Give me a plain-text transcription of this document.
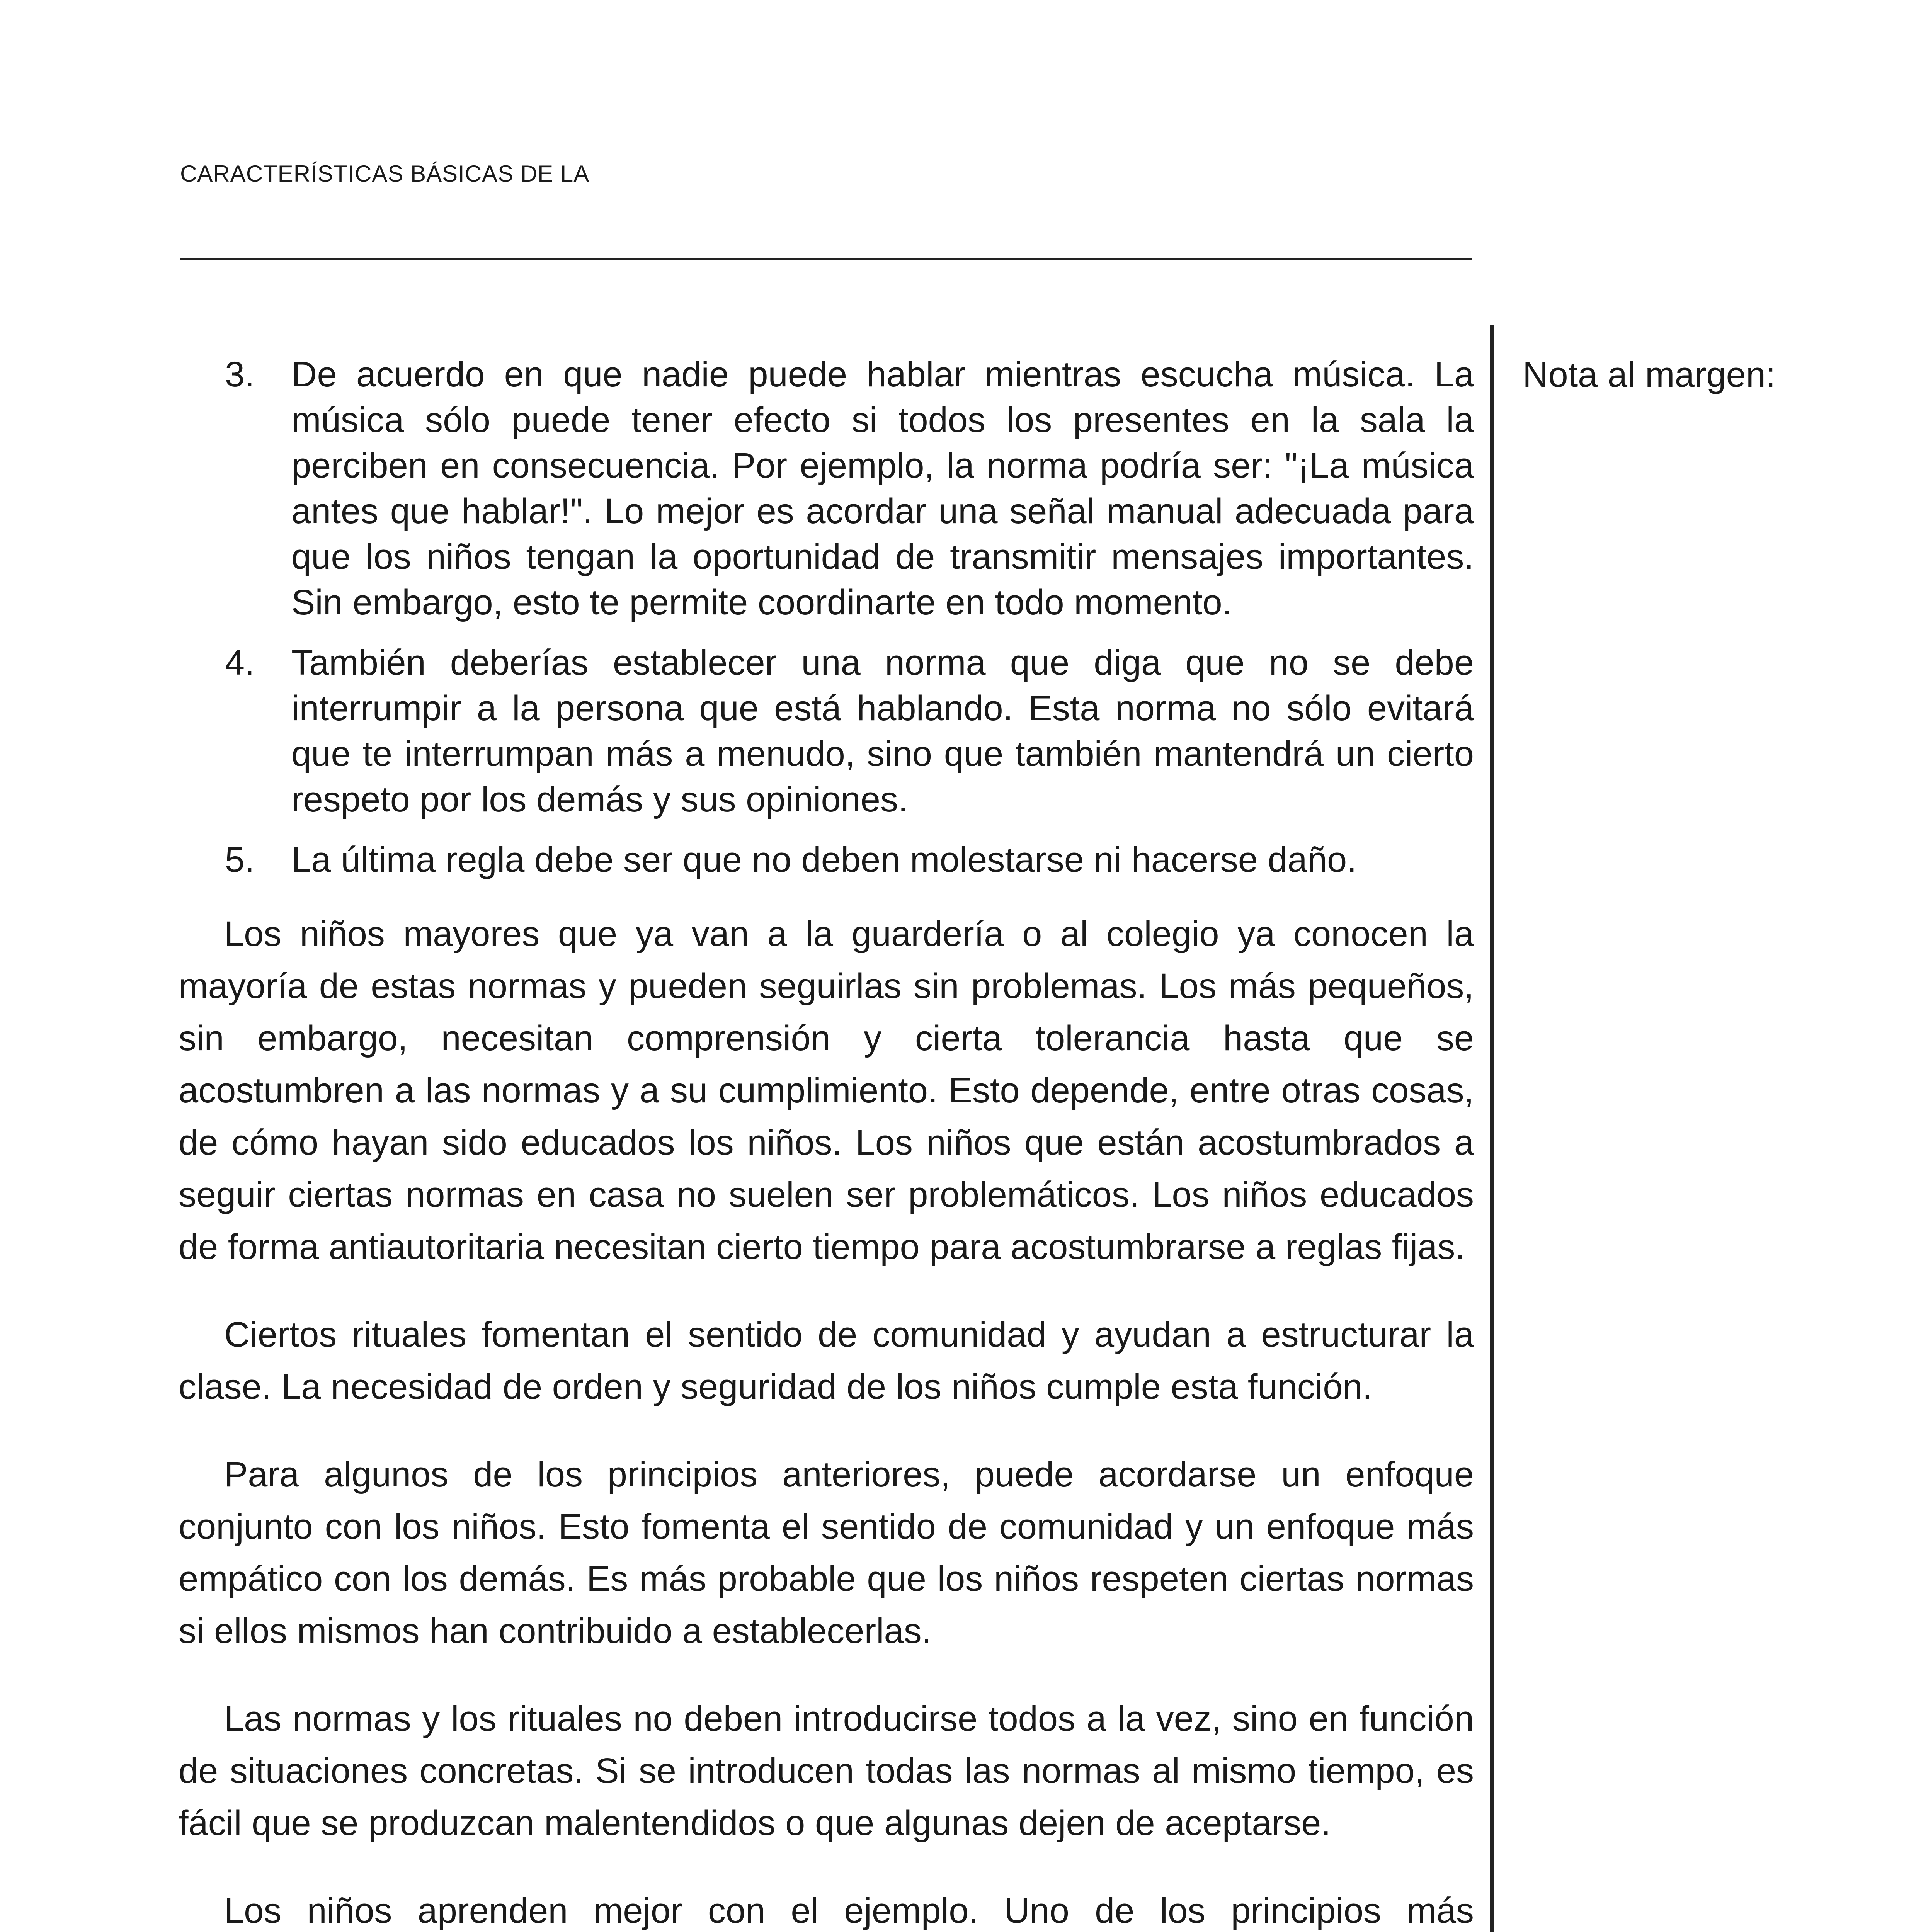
CARACTERÍSTICAS BÁSICAS DE LA
Nota al margen:
3. De acuerdo en que nadie puede hablar mientras escucha música. La música sólo puede tener efecto si todos los presentes en la sala la perciben en consecuencia. Por ejemplo, la norma podría ser: "¡La música antes que hablar!". Lo mejor es acordar una señal manual adecuada para que los niños tengan la oportunidad de transmitir mensajes importantes. Sin embargo, esto te permite coordinarte en todo momento.
4. También deberías establecer una norma que diga que no se debe interrumpir a la persona que está hablando. Esta norma no sólo evitará que te interrumpan más a menudo, sino que también mantendrá un cierto respeto por los demás y sus opiniones.
5. La última regla debe ser que no deben molestarse ni hacerse daño.

Los niños mayores que ya van a la guardería o al colegio ya conocen la mayoría de estas normas y pueden seguirlas sin problemas. Los más pequeños, sin embargo, necesitan comprensión y cierta tolerancia hasta que se acostumbren a las normas y a su cumplimiento. Esto depende, entre otras cosas, de cómo hayan sido educados los niños. Los niños que están acostumbrados a seguir ciertas normas en casa no suelen ser problemáticos. Los niños educados de forma antiautoritaria necesitan cierto tiempo para acostumbrarse a reglas fijas.

Ciertos rituales fomentan el sentido de comunidad y ayudan a estructurar la clase. La necesidad de orden y seguridad de los niños cumple esta función.

Para algunos de los principios anteriores, puede acordarse un enfoque conjunto con los niños. Esto fomenta el sentido de comunidad y un enfoque más empático con los demás. Es más probable que los niños respeten ciertas normas si ellos mismos han contribuido a establecerlas.

Las normas y los rituales no deben introducirse todos a la vez, sino en función de situaciones concretas. Si se introducen todas las normas al mismo tiempo, es fácil que se produzcan malentendidos o que algunas dejen de aceptarse.

Los niños aprenden mejor con el ejemplo. Uno de los principios más
